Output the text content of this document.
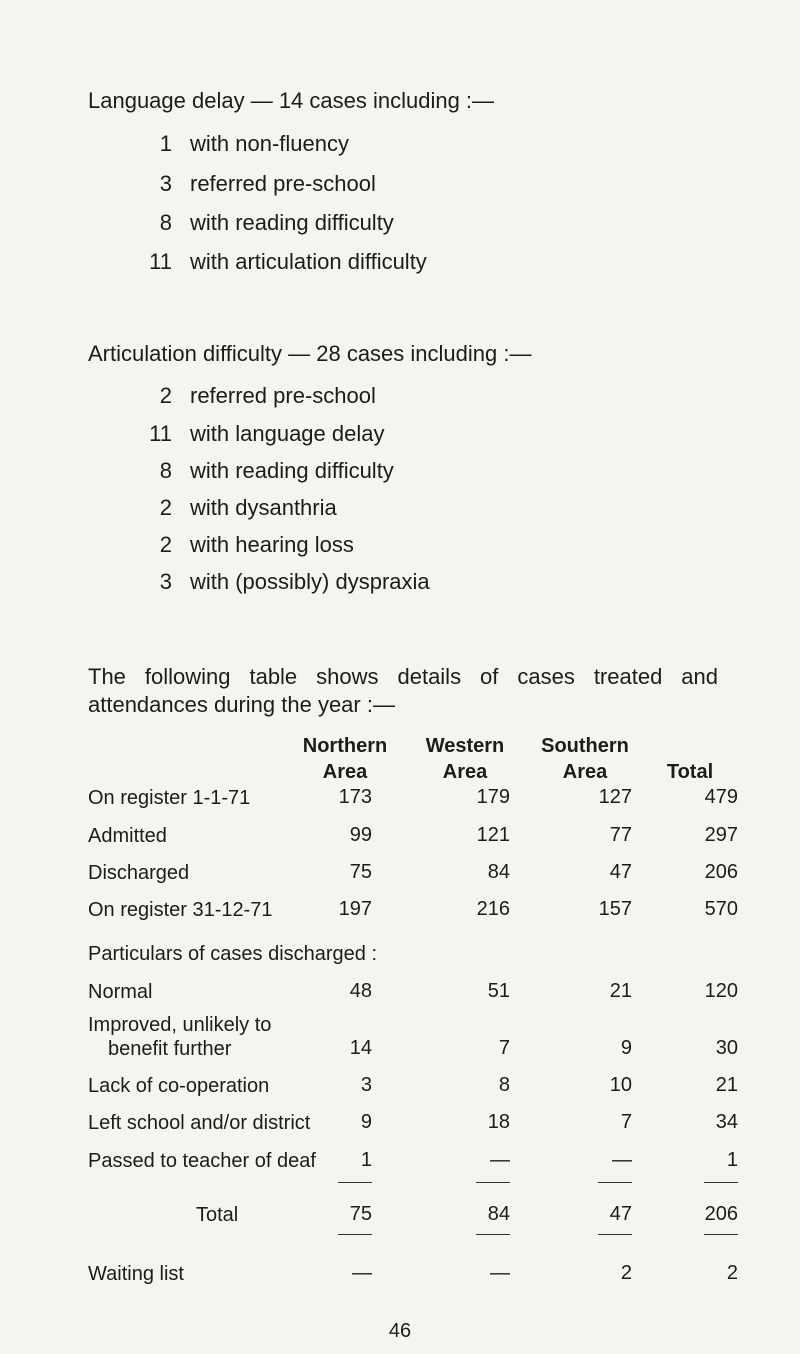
Language delay — 14 cases including :—
1 with non-fluency
3 referred pre-school
8 with reading difficulty
11 with articulation difficulty
Articulation difficulty — 28 cases including :—
2 referred pre-school
11 with language delay
8 with reading difficulty
2 with dysanthria
2 with hearing loss
3 with (possibly) dyspraxia
The following table shows details of cases treated and
attendances during the year :—
Northern
Area
Western
Area
Southern
Area
	Total
On register 1-1-71	173	179	127	479
Admitted	99	121	77	297
Discharged	75	84	47	206
On register 31-12-71	197	216	157	570
Particulars of cases discharged :
Normal	48	51	21	120
Improved, unlikely to
benefit further	14	7	9	30
Lack of co-operation	3	8	10	21
Left school and/or district	9	18	7	34
Passed to teacher of deaf	1	—	—	1
Total	75	84	47	206
Waiting list	—	—	2	2
46
